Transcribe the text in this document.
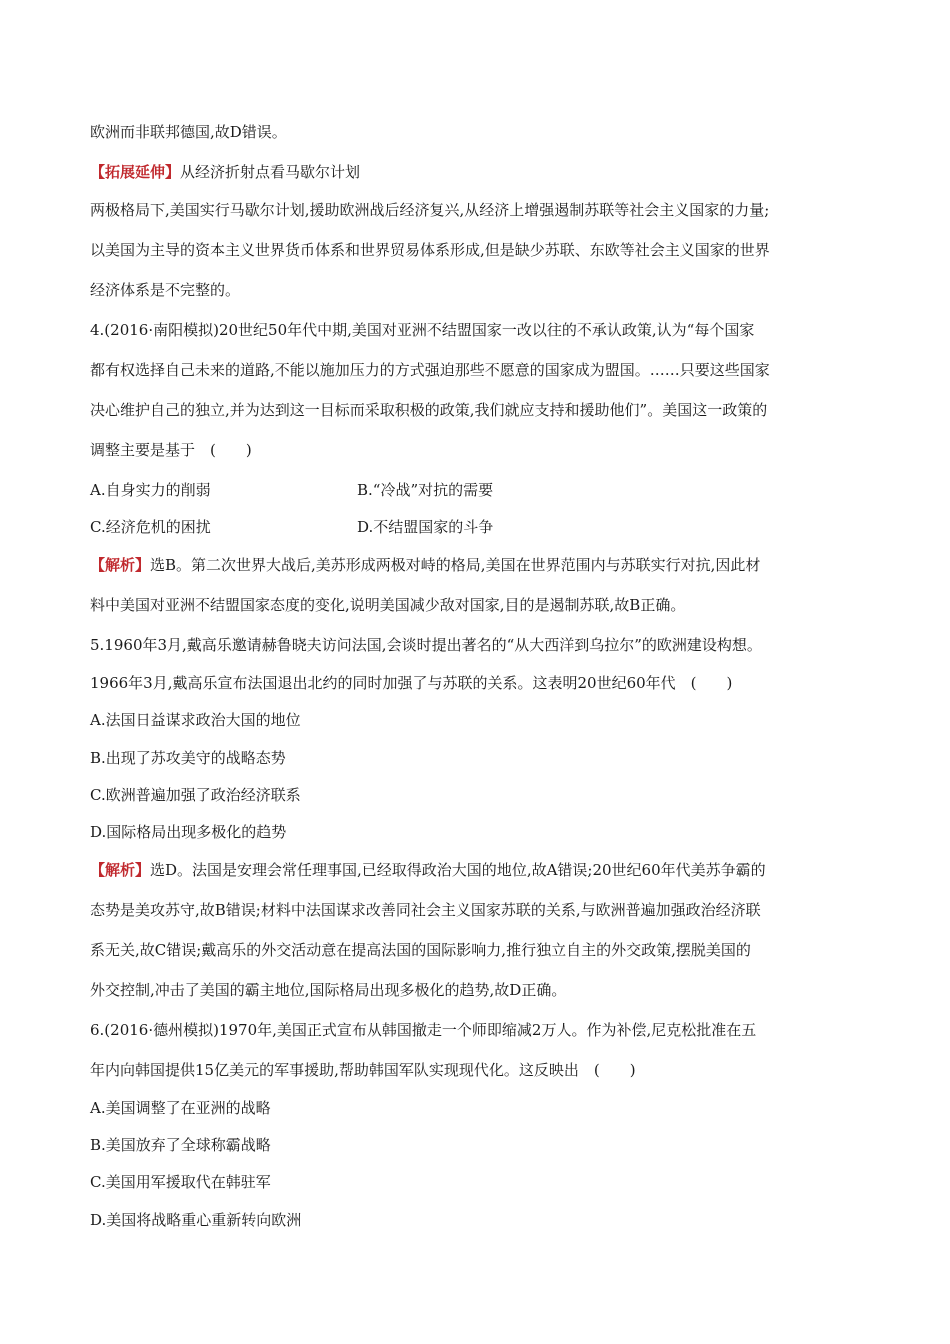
欧洲而非联邦德国,故D错误。
【拓展延伸】从经济折射点看马歇尔计划
两极格局下,美国实行马歇尔计划,援助欧洲战后经济复兴,从经济上增强遏制苏联等社会主义国家的力量;
以美国为主导的资本主义世界货币体系和世界贸易体系形成,但是缺少苏联、东欧等社会主义国家的世界
经济体系是不完整的。
4.(2016·南阳模拟)20世纪50年代中期,美国对亚洲不结盟国家一改以往的不承认政策,认为“每个国家
都有权选择自己未来的道路,不能以施加压力的方式强迫那些不愿意的国家成为盟国。……只要这些国家
决心维护自己的独立,并为达到这一目标而采取积极的政策,我们就应支持和援助他们”。美国这一政策的
调整主要是基于　(　　)
A.自身实力的削弱	B.“冷战”对抗的需要
C.经济危机的困扰	D.不结盟国家的斗争
【解析】选B。第二次世界大战后,美苏形成两极对峙的格局,美国在世界范围内与苏联实行对抗,因此材
料中美国对亚洲不结盟国家态度的变化,说明美国减少敌对国家,目的是遏制苏联,故B正确。
5.1960年3月,戴高乐邀请赫鲁晓夫访问法国,会谈时提出著名的“从大西洋到乌拉尔”的欧洲建设构想。
1966年3月,戴高乐宣布法国退出北约的同时加强了与苏联的关系。这表明20世纪60年代　(　　)
A.法国日益谋求政治大国的地位
B.出现了苏攻美守的战略态势
C.欧洲普遍加强了政治经济联系
D.国际格局出现多极化的趋势
【解析】选D。法国是安理会常任理事国,已经取得政治大国的地位,故A错误;20世纪60年代美苏争霸的
态势是美攻苏守,故B错误;材料中法国谋求改善同社会主义国家苏联的关系,与欧洲普遍加强政治经济联
系无关,故C错误;戴高乐的外交活动意在提高法国的国际影响力,推行独立自主的外交政策,摆脱美国的
外交控制,冲击了美国的霸主地位,国际格局出现多极化的趋势,故D正确。
6.(2016·德州模拟)1970年,美国正式宣布从韩国撤走一个师即缩减2万人。作为补偿,尼克松批准在五
年内向韩国提供15亿美元的军事援助,帮助韩国军队实现现代化。这反映出　(　　)
A.美国调整了在亚洲的战略
B.美国放弃了全球称霸战略
C.美国用军援取代在韩驻军
D.美国将战略重心重新转向欧洲
